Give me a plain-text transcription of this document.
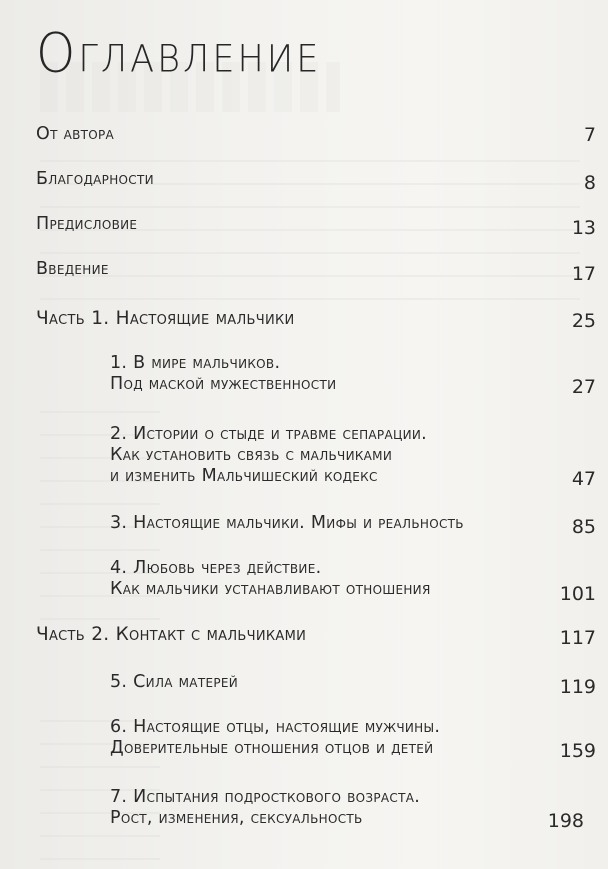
Оглавление
От автора	7
Благодарности	8
Предисловие	13
Введение	17
Часть 1. Настоящие мальчики	25
1. В мире мальчиков.
Под маской мужественности	27
2. Истории о стыде и травме сепарации.
Как установить связь с мальчиками
и изменить Мальчишеский кодекс	47
3. Настоящие мальчики. Мифы и реальность	85
4. Любовь через действие.
Как мальчики устанавливают отношения	101
Часть 2. Контакт с мальчиками	117
5. Сила матерей	119
6. Настоящие отцы, настоящие мужчины.
Доверительные отношения отцов и детей	159
7. Испытания подросткового возраста.
Рост, изменения, сексуальность	198
